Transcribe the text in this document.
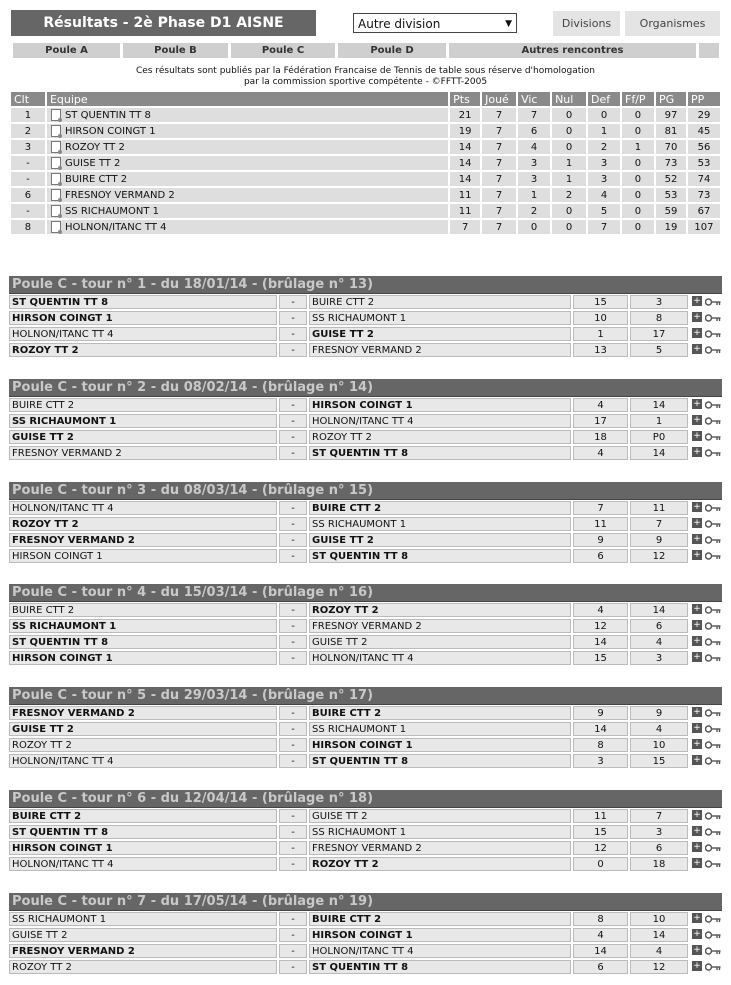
Résultats - 2è Phase D1 AISNE	Autre division	▼	Divisions	Organismes
Poule A	Poule B	Poule C	Poule D	Autres rencontres
Ces résultats sont publiés par la Fédération Francaise de Tennis de table sous réserve d'homologation
par la commission sportive compétente - ©FFTT-2005
Clt	Equipe	Pts	Joué	Vic	Nul	Def	Ff/P	PG	PP
1	ST QUENTIN TT 8	21	7	7	0	0	0	97	29
2	HIRSON COINGT 1	19	7	6	0	1	0	81	45
3	ROZOY TT 2	14	7	4	0	2	1	70	56
-	GUISE TT 2	14	7	3	1	3	0	73	53
-	BUIRE CTT 2	14	7	3	1	3	0	52	74
6	FRESNOY VERMAND 2	11	7	1	2	4	0	53	73
-	SS RICHAUMONT 1	11	7	2	0	5	0	59	67
8	HOLNON/ITANC TT 4	7	7	0	0	7	0	19	107
Poule C - tour n° 1 - du 18/01/14 - (brûlage n° 13)
ST QUENTIN TT 8	-	BUIRE CTT 2	15	3	+
HIRSON COINGT 1	-	SS RICHAUMONT 1	10	8	+
HOLNON/ITANC TT 4	-	GUISE TT 2	1	17	+
ROZOY TT 2	-	FRESNOY VERMAND 2	13	5	+
Poule C - tour n° 2 - du 08/02/14 - (brûlage n° 14)
BUIRE CTT 2	-	HIRSON COINGT 1	4	14	+
SS RICHAUMONT 1	-	HOLNON/ITANC TT 4	17	1	+
GUISE TT 2	-	ROZOY TT 2	18	P0	+
FRESNOY VERMAND 2	-	ST QUENTIN TT 8	4	14	+
Poule C - tour n° 3 - du 08/03/14 - (brûlage n° 15)
HOLNON/ITANC TT 4	-	BUIRE CTT 2	7	11	+
ROZOY TT 2	-	SS RICHAUMONT 1	11	7	+
FRESNOY VERMAND 2	-	GUISE TT 2	9	9	+
HIRSON COINGT 1	-	ST QUENTIN TT 8	6	12	+
Poule C - tour n° 4 - du 15/03/14 - (brûlage n° 16)
BUIRE CTT 2	-	ROZOY TT 2	4	14	+
SS RICHAUMONT 1	-	FRESNOY VERMAND 2	12	6	+
ST QUENTIN TT 8	-	GUISE TT 2	14	4	+
HIRSON COINGT 1	-	HOLNON/ITANC TT 4	15	3	+
Poule C - tour n° 5 - du 29/03/14 - (brûlage n° 17)
FRESNOY VERMAND 2	-	BUIRE CTT 2	9	9	+
GUISE TT 2	-	SS RICHAUMONT 1	14	4	+
ROZOY TT 2	-	HIRSON COINGT 1	8	10	+
HOLNON/ITANC TT 4	-	ST QUENTIN TT 8	3	15	+
Poule C - tour n° 6 - du 12/04/14 - (brûlage n° 18)
BUIRE CTT 2	-	GUISE TT 2	11	7	+
ST QUENTIN TT 8	-	SS RICHAUMONT 1	15	3	+
HIRSON COINGT 1	-	FRESNOY VERMAND 2	12	6	+
HOLNON/ITANC TT 4	-	ROZOY TT 2	0	18	+
Poule C - tour n° 7 - du 17/05/14 - (brûlage n° 19)
SS RICHAUMONT 1	-	BUIRE CTT 2	8	10	+
GUISE TT 2	-	HIRSON COINGT 1	4	14	+
FRESNOY VERMAND 2	-	HOLNON/ITANC TT 4	14	4	+
ROZOY TT 2	-	ST QUENTIN TT 8	6	12	+
